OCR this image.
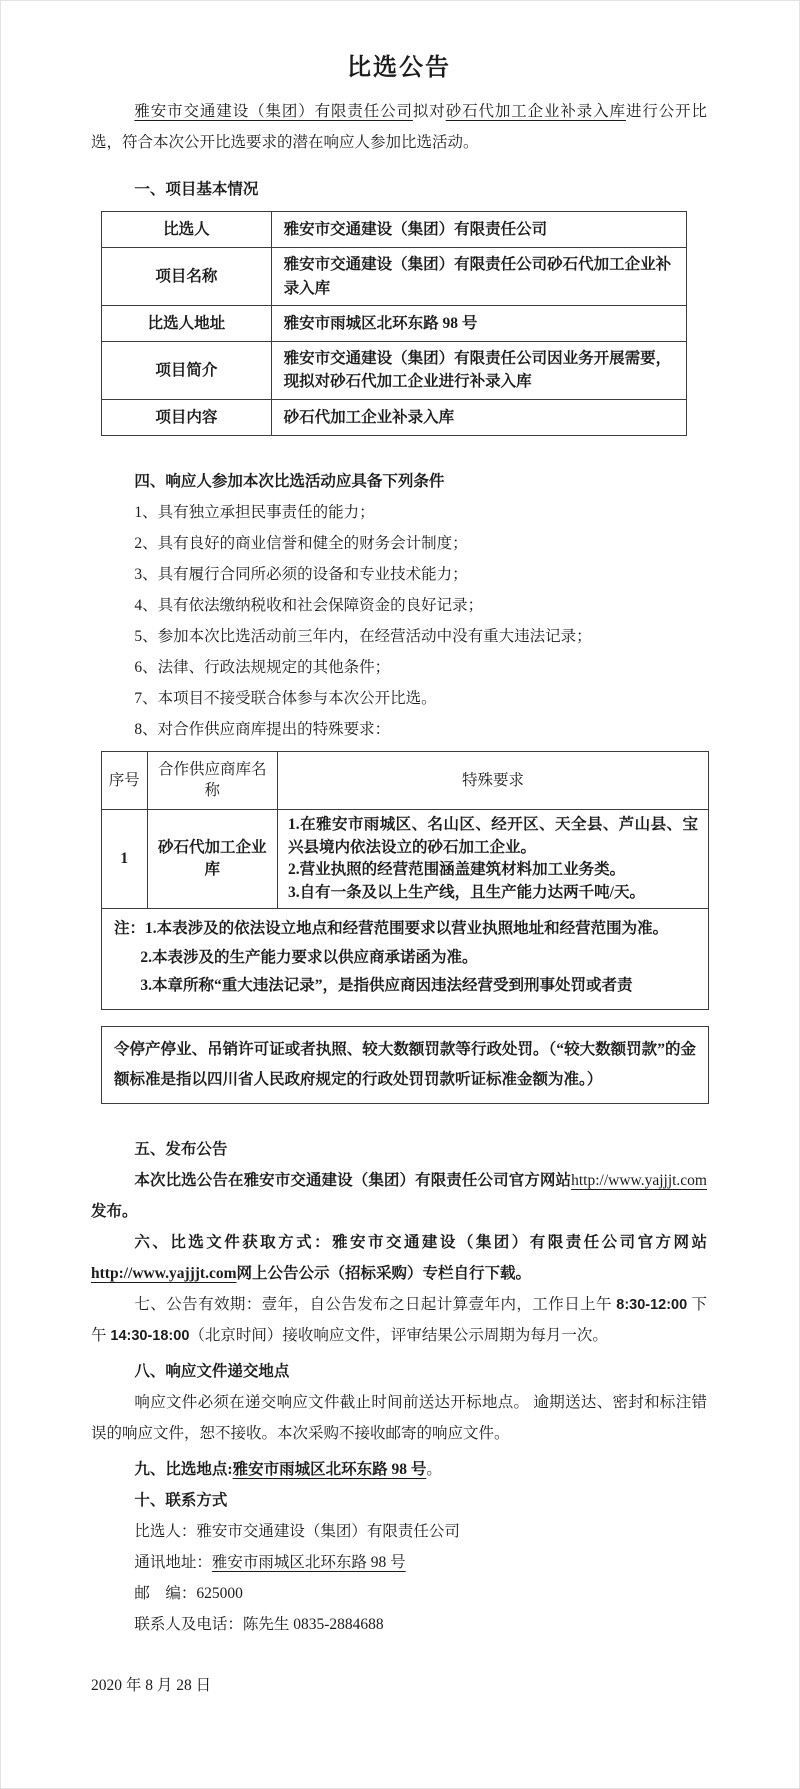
比选公告

雅安市交通建设（集团）有限责任公司拟对砂石代加工企业补录入库进行公开比选，符合本次公开比选要求的潜在响应人参加比选活动。

一、项目基本情况

比选人	雅安市交通建设（集团）有限责任公司
项目名称	雅安市交通建设（集团）有限责任公司砂石代加工企业补录入库
比选人地址	雅安市雨城区北环东路 98 号
项目简介	雅安市交通建设（集团）有限责任公司因业务开展需要，现拟对砂石代加工企业进行补录入库
项目内容	砂石代加工企业补录入库

四、响应人参加本次比选活动应具备下列条件

1、具有独立承担民事责任的能力；

2、具有良好的商业信誉和健全的财务会计制度；

3、具有履行合同所必须的设备和专业技术能力；

4、具有依法缴纳税收和社会保障资金的良好记录；

5、参加本次比选活动前三年内，在经营活动中没有重大违法记录；

6、法律、行政法规规定的其他条件；

7、本项目不接受联合体参与本次公开比选。

8、对合作供应商库提出的特殊要求：

序号	合作供应商库名称	特殊要求
1	砂石代加工企业库	1.在雅安市雨城区、名山区、经开区、天全县、芦山县、宝兴县境内依法设立的砂石加工企业。

2.营业执照的经营范围涵盖建筑材料加工业务类。

3.自有一条及以上生产线，且生产能力达两千吨/天。

注：1.本表涉及的依法设立地点和经营范围要求以营业执照地址和经营范围为准。

2.本表涉及的生产能力要求以供应商承诺函为准。

3.本章所称“重大违法记录”，是指供应商因违法经营受到刑事处罚或者责		

令停产停业、吊销许可证或者执照、较大数额罚款等行政处罚。（“较大数额罚款”的金额标准是指以四川省人民政府规定的行政处罚罚款听证标准金额为准。）

五、发布公告

本次比选公告在雅安市交通建设（集团）有限责任公司官方网站http://www.yajjjt.com发布。

六、比选文件获取方式：雅安市交通建设（集团）有限责任公司官方网站http://www.yajjjt.com网上公告公示（招标采购）专栏自行下载。

七、公告有效期：壹年，自公告发布之日起计算壹年内，工作日上午 8:30-12:00 下午 14:30-18:00（北京时间）接收响应文件，评审结果公示周期为每月一次。

八、响应文件递交地点

响应文件必须在递交响应文件截止时间前送达开标地点。 逾期送达、密封和标注错误的响应文件，恕不接收。本次采购不接收邮寄的响应文件。

九、比选地点:雅安市雨城区北环东路 98 号。

十、联系方式

比选人：雅安市交通建设（集团）有限责任公司

通讯地址：雅安市雨城区北环东路 98 号

邮　编：625000

联系人及电话：陈先生 0835-2884688

2020 年 8 月 28 日
